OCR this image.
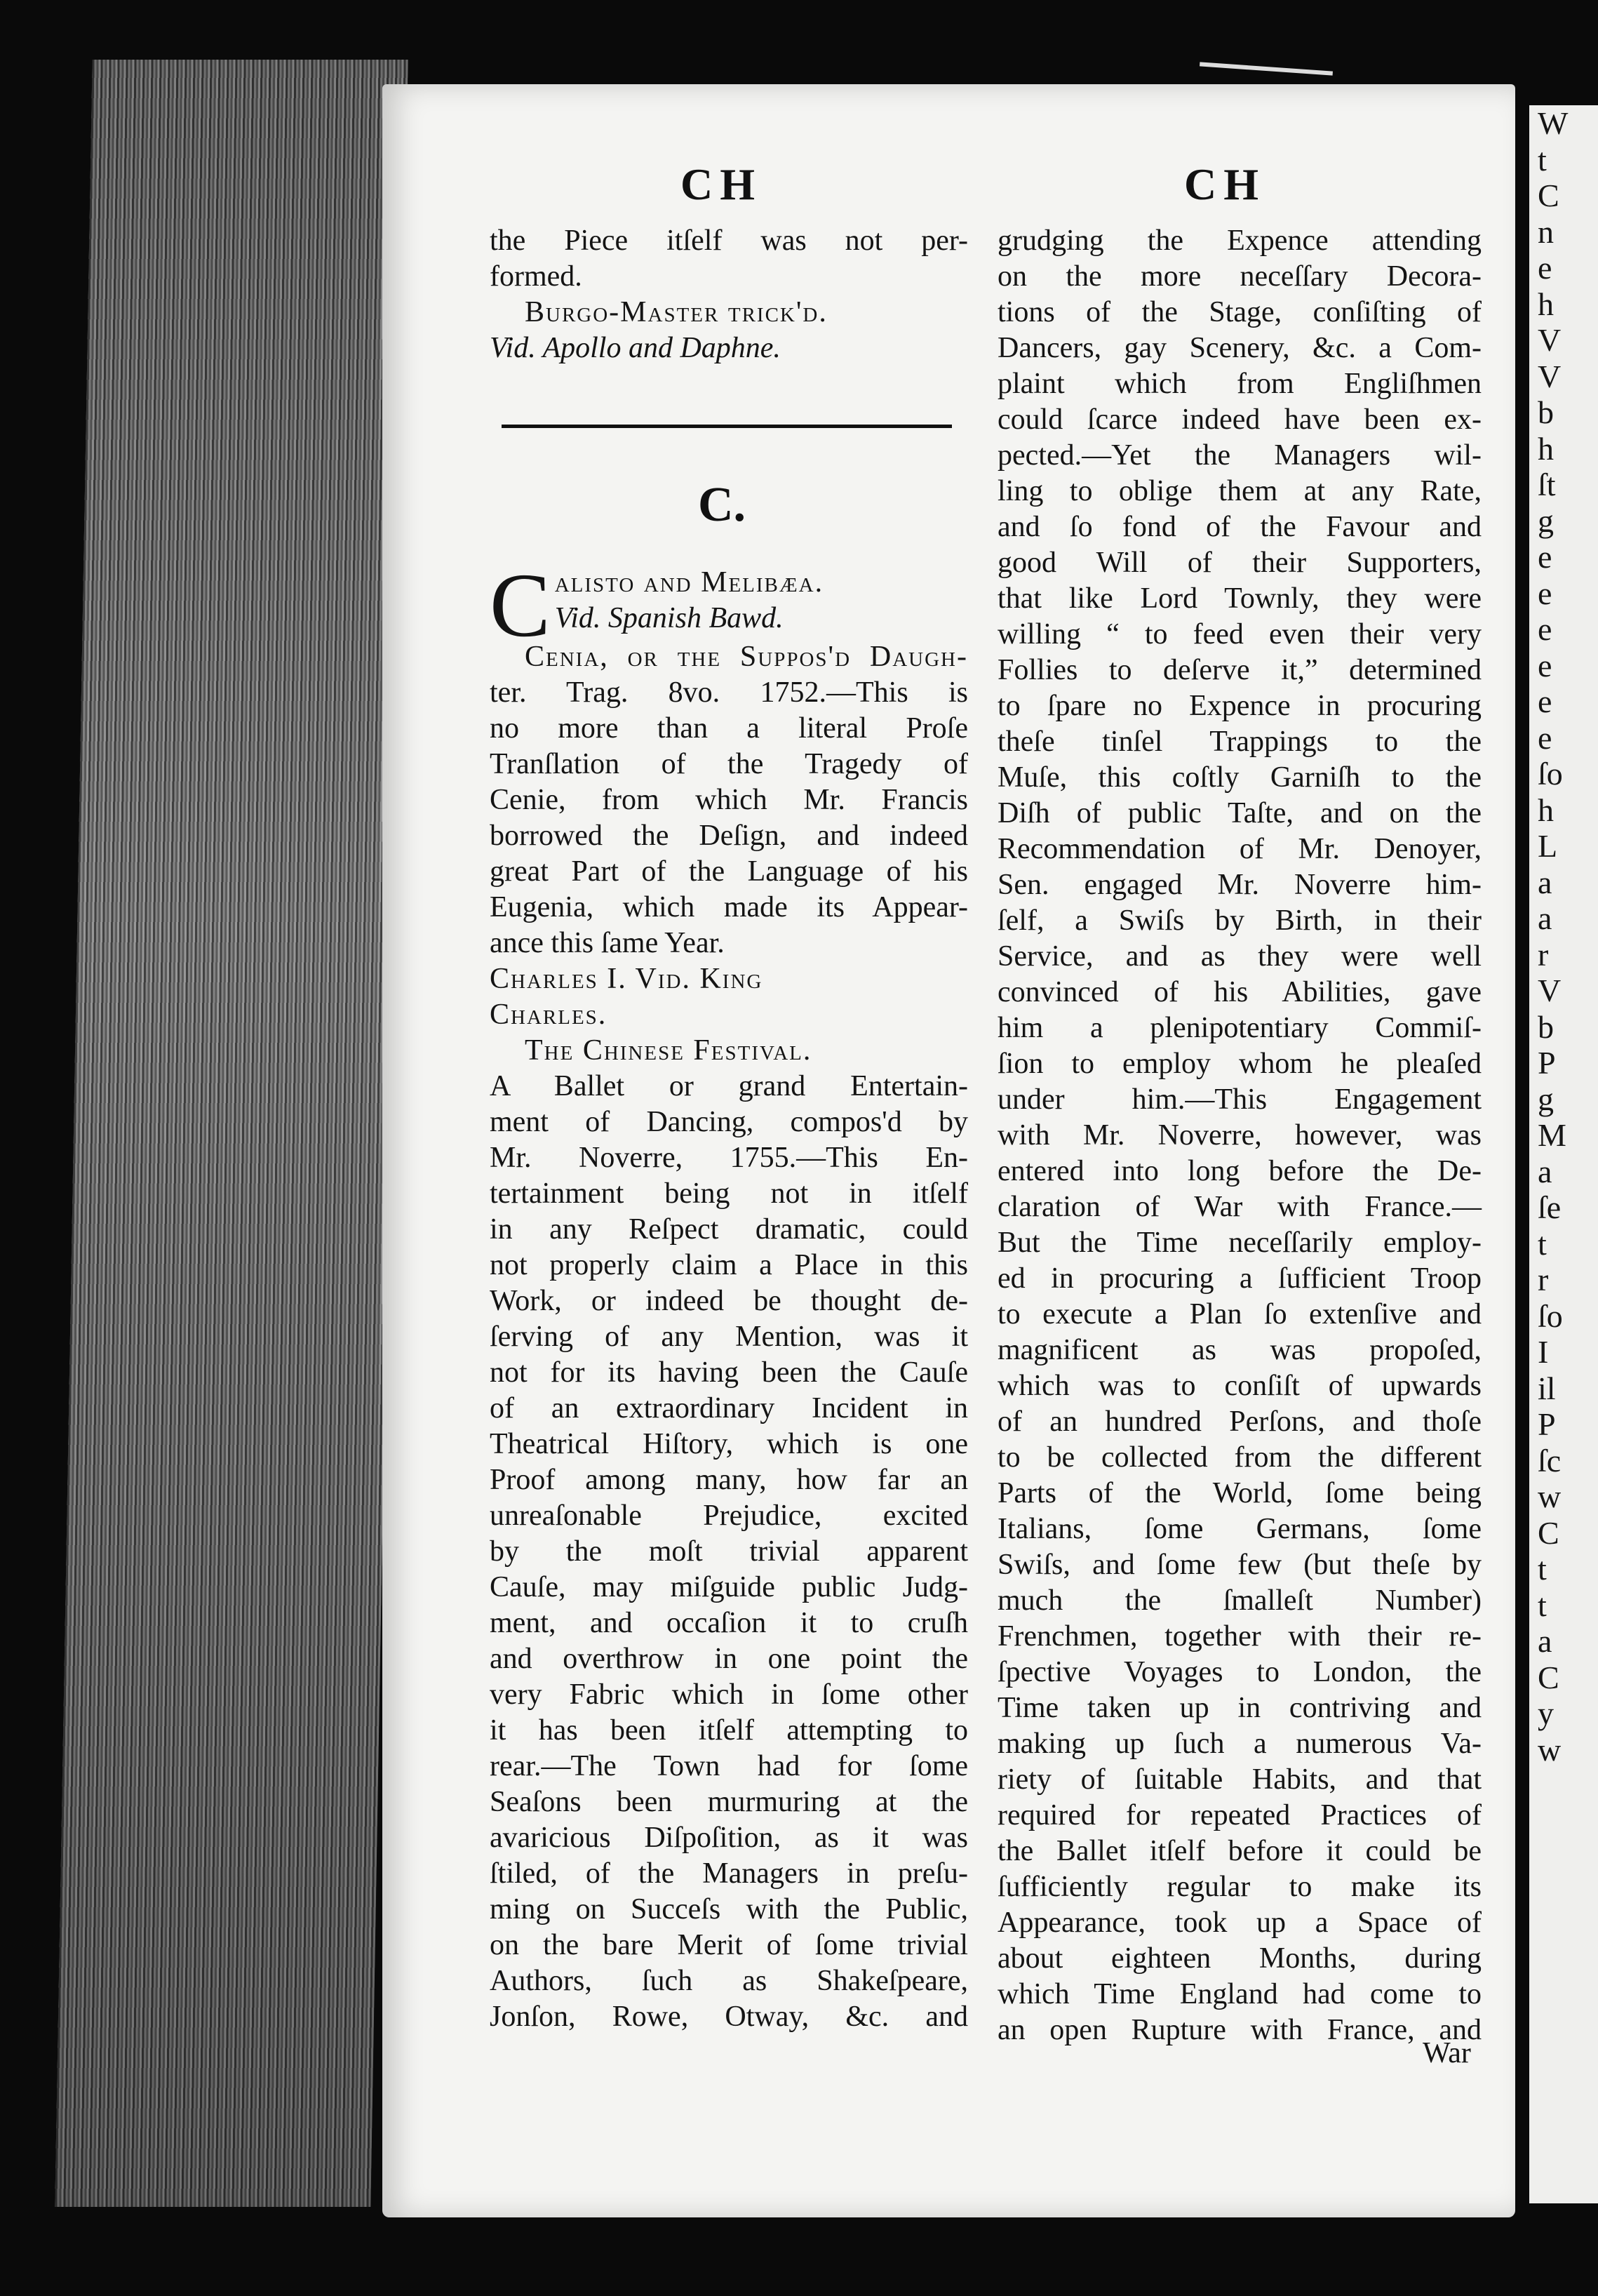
W
t
C
n
e
h
V
V
b
h
ſt
g
e
e
e
e
e
e
ſo
h
L
a
a
r
V
b
P
g
M
a
ſe
t
r
ſo
I
il
P
ſc
w
C
t
t
a
C
y
w
CH	CH
the Piece itſelf was not per-
formed.
Burgo-Master trick'd.
Vid. Apollo and Daphne.
C.
C alisto and Melibæa.
Vid. Spanish Bawd.
Cenia, or the Suppoſ'd Daugh-
ter. Trag. 8vo. 1752.—This is
no more than a literal Proſe
Tranſlation of the Tragedy of
Cenie, from which Mr. Francis
borrowed the Deſign, and indeed
great Part of the Language of his
Eugenia, which made its Appear-
ance this ſame Year.
Charles I. Vid. King
Charles.
The Chinese Festival.
A Ballet or grand Entertain-
ment of Dancing, compos'd by
Mr. Noverre, 1755.—This En-
tertainment being not in itſelf
in any Reſpect dramatic, could
not properly claim a Place in this
Work, or indeed be thought de-
ſerving of any Mention, was it
not for its having been the Cauſe
of an extraordinary Incident in
Theatrical Hiſtory, which is one
Proof among many, how far an
unreaſonable Prejudice, excited
by the moſt trivial apparent
Cauſe, may miſguide public Judg-
ment, and occaſion it to cruſh
and overthrow in one point the
very Fabric which in ſome other
it has been itſelf attempting to
rear.—The Town had for ſome
Seaſons been murmuring at the
avaricious Diſpoſition, as it was
ſtiled, of the Managers in preſu-
ming on Succeſs with the Public,
on the bare Merit of ſome trivial
Authors, ſuch as Shakeſpeare,
Jonſon, Rowe, Otway, &c. and
grudging the Expence attending
on the more neceſſary Decora-
tions of the Stage, conſiſting of
Dancers, gay Scenery, &c. a Com-
plaint which from Engliſhmen
could ſcarce indeed have been ex-
pected.—Yet the Managers wil-
ling to oblige them at any Rate,
and ſo fond of the Favour and
good Will of their Supporters,
that like Lord Townly, they were
willing “ to feed even their very
Follies to deſerve it,” determined
to ſpare no Expence in procuring
theſe tinſel Trappings to the
Muſe, this coſtly Garniſh to the
Diſh of public Taſte, and on the
Recommendation of Mr. Denoyer,
Sen. engaged Mr. Noverre him-
ſelf, a Swiſs by Birth, in their
Service, and as they were well
convinced of his Abilities, gave
him a plenipotentiary Commiſ-
ſion to employ whom he pleaſed
under him.—This Engagement
with Mr. Noverre, however, was
entered into long before the De-
claration of War with France.—
But the Time neceſſarily employ-
ed in procuring a ſufficient Troop
to execute a Plan ſo extenſive and
magnificent as was propoſed,
which was to conſiſt of upwards
of an hundred Perſons, and thoſe
to be collected from the different
Parts of the World, ſome being
Italians, ſome Germans, ſome
Swiſs, and ſome few (but theſe by
much the ſmalleſt Number)
Frenchmen, together with their re-
ſpective Voyages to London, the
Time taken up in contriving and
making up ſuch a numerous Va-
riety of ſuitable Habits, and that
required for repeated Practices of
the Ballet itſelf before it could be
ſufficiently regular to make its
Appearance, took up a Space of
about eighteen Months, during
which Time England had come to
an open Rupture with France, and
War
